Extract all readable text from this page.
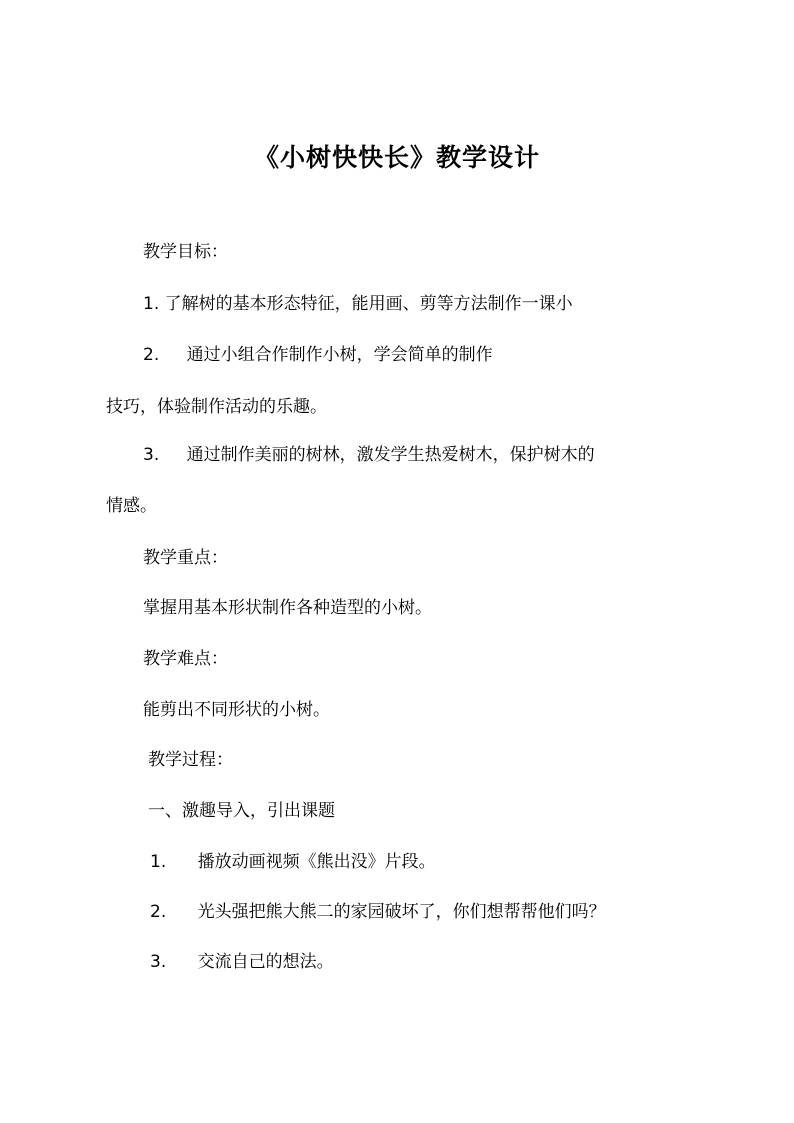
《小树快快长》教学设计
教学目标：
1. 了解树的基本形态特征，能用画、剪等方法制作一课小
2. 通过小组合作制作小树，学会简单的制作
技巧，体验制作活动的乐趣。
3. 通过制作美丽的树林，激发学生热爱树木，保护树木的
情感。
教学重点：
掌握用基本形状制作各种造型的小树。
教学难点：
能剪出不同形状的小树。
教学过程：
一、激趣导入，引出课题
1. 播放动画视频《熊出没》片段。
2. 光头强把熊大熊二的家园破坏了，你们想帮帮他们吗？
3. 交流自己的想法。
